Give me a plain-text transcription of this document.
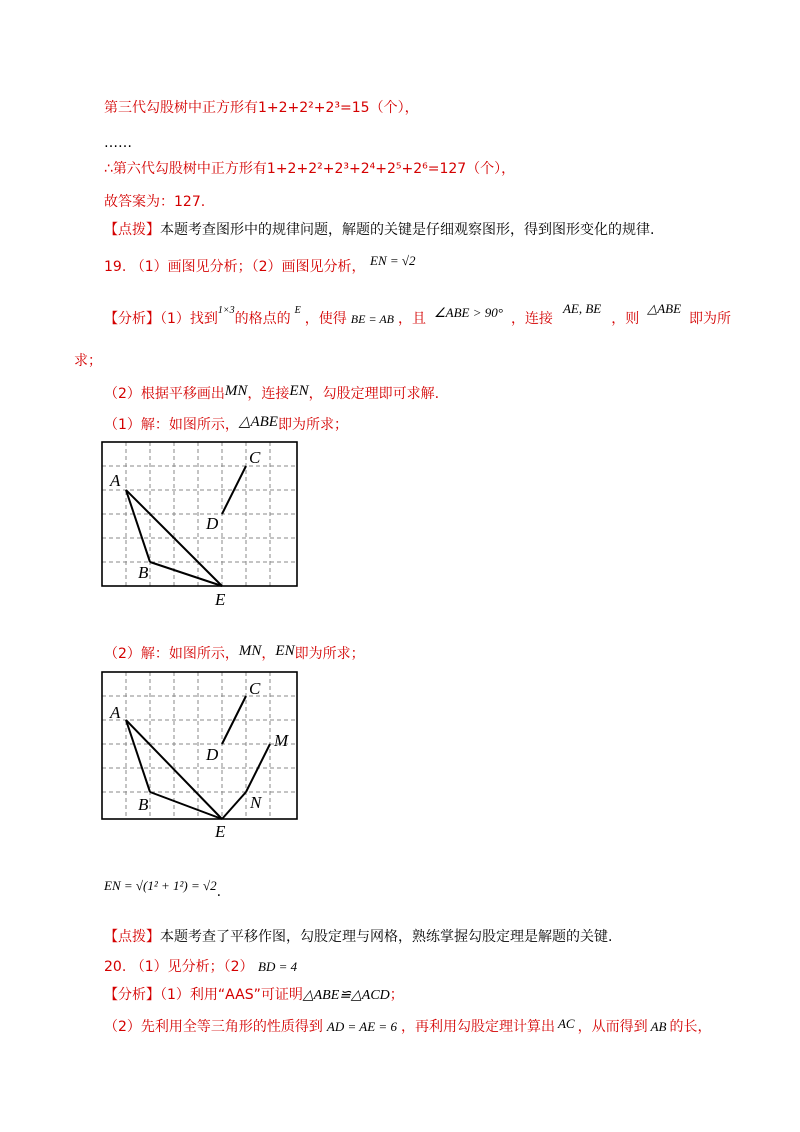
第三代勾股树中正方形有1+2+2²+2³=15（个），
……
∴第六代勾股树中正方形有1+2+2²+2³+2⁴+2⁵+2⁶=127（个），
故答案为：127.
【点拨】本题考查图形中的规律问题，解题的关键是仔细观察图形，得到图形变化的规律.
19. （1）画图见分析；（2）画图见分析， EN = √2
【分析】（1）找到$^{1\times 3}$的格点的$^E$，使得 BE = AB ，且 ∠ABE > 90° ，连接AE, BE，则△ABE即为所
求；
（2）根据平移画出MN，连接EN，勾股定理即可求解.
（1）解：如图所示，△ABE即为所求；
A
B
C
D
E
（2）解：如图所示，MN，EN即为所求；
A
B
C
D
E
M
N
EN = √(1² + 1²) = √2.
【点拨】本题考查了平移作图，勾股定理与网格，熟练掌握勾股定理是解题的关键.
20. （1）见分析；（2） BD = 4
【分析】（1）利用“AAS”可证明△ABE≌△ACD；
（2）先利用全等三角形的性质得到 AD = AE = 6 ，再利用勾股定理计算出 AC ，从而得到 AB 的长，
